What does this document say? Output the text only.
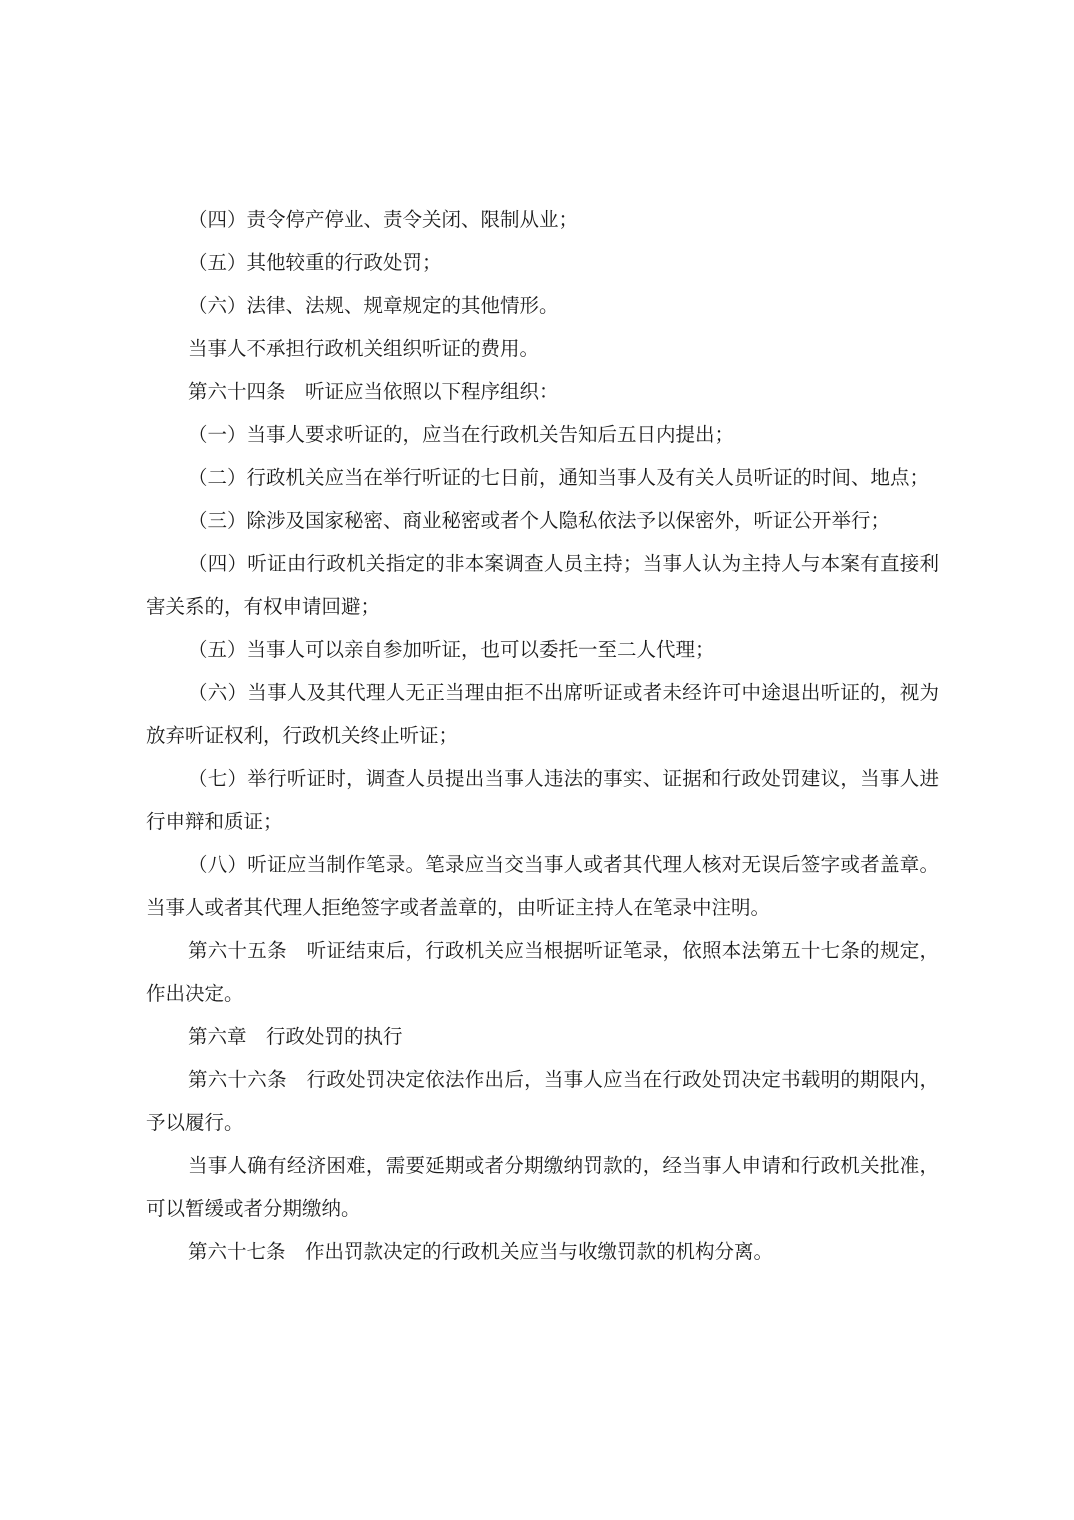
（四）责令停产停业、责令关闭、限制从业；

（五）其他较重的行政处罚；

（六）法律、法规、规章规定的其他情形。

当事人不承担行政机关组织听证的费用。

第六十四条　听证应当依照以下程序组织：

（一）当事人要求听证的，应当在行政机关告知后五日内提出；

（二）行政机关应当在举行听证的七日前，通知当事人及有关人员听证的时间、地点；

（三）除涉及国家秘密、商业秘密或者个人隐私依法予以保密外，听证公开举行；

（四）听证由行政机关指定的非本案调查人员主持；当事人认为主持人与本案有直接利害关系的，有权申请回避；

（五）当事人可以亲自参加听证，也可以委托一至二人代理；

（六）当事人及其代理人无正当理由拒不出席听证或者未经许可中途退出听证的，视为放弃听证权利，行政机关终止听证；

（七）举行听证时，调查人员提出当事人违法的事实、证据和行政处罚建议，当事人进行申辩和质证；

（八）听证应当制作笔录。笔录应当交当事人或者其代理人核对无误后签字或者盖章。当事人或者其代理人拒绝签字或者盖章的，由听证主持人在笔录中注明。

第六十五条　听证结束后，行政机关应当根据听证笔录，依照本法第五十七条的规定，作出决定。

第六章　行政处罚的执行

第六十六条　行政处罚决定依法作出后，当事人应当在行政处罚决定书载明的期限内，予以履行。

当事人确有经济困难，需要延期或者分期缴纳罚款的，经当事人申请和行政机关批准，可以暂缓或者分期缴纳。

第六十七条　作出罚款决定的行政机关应当与收缴罚款的机构分离。
